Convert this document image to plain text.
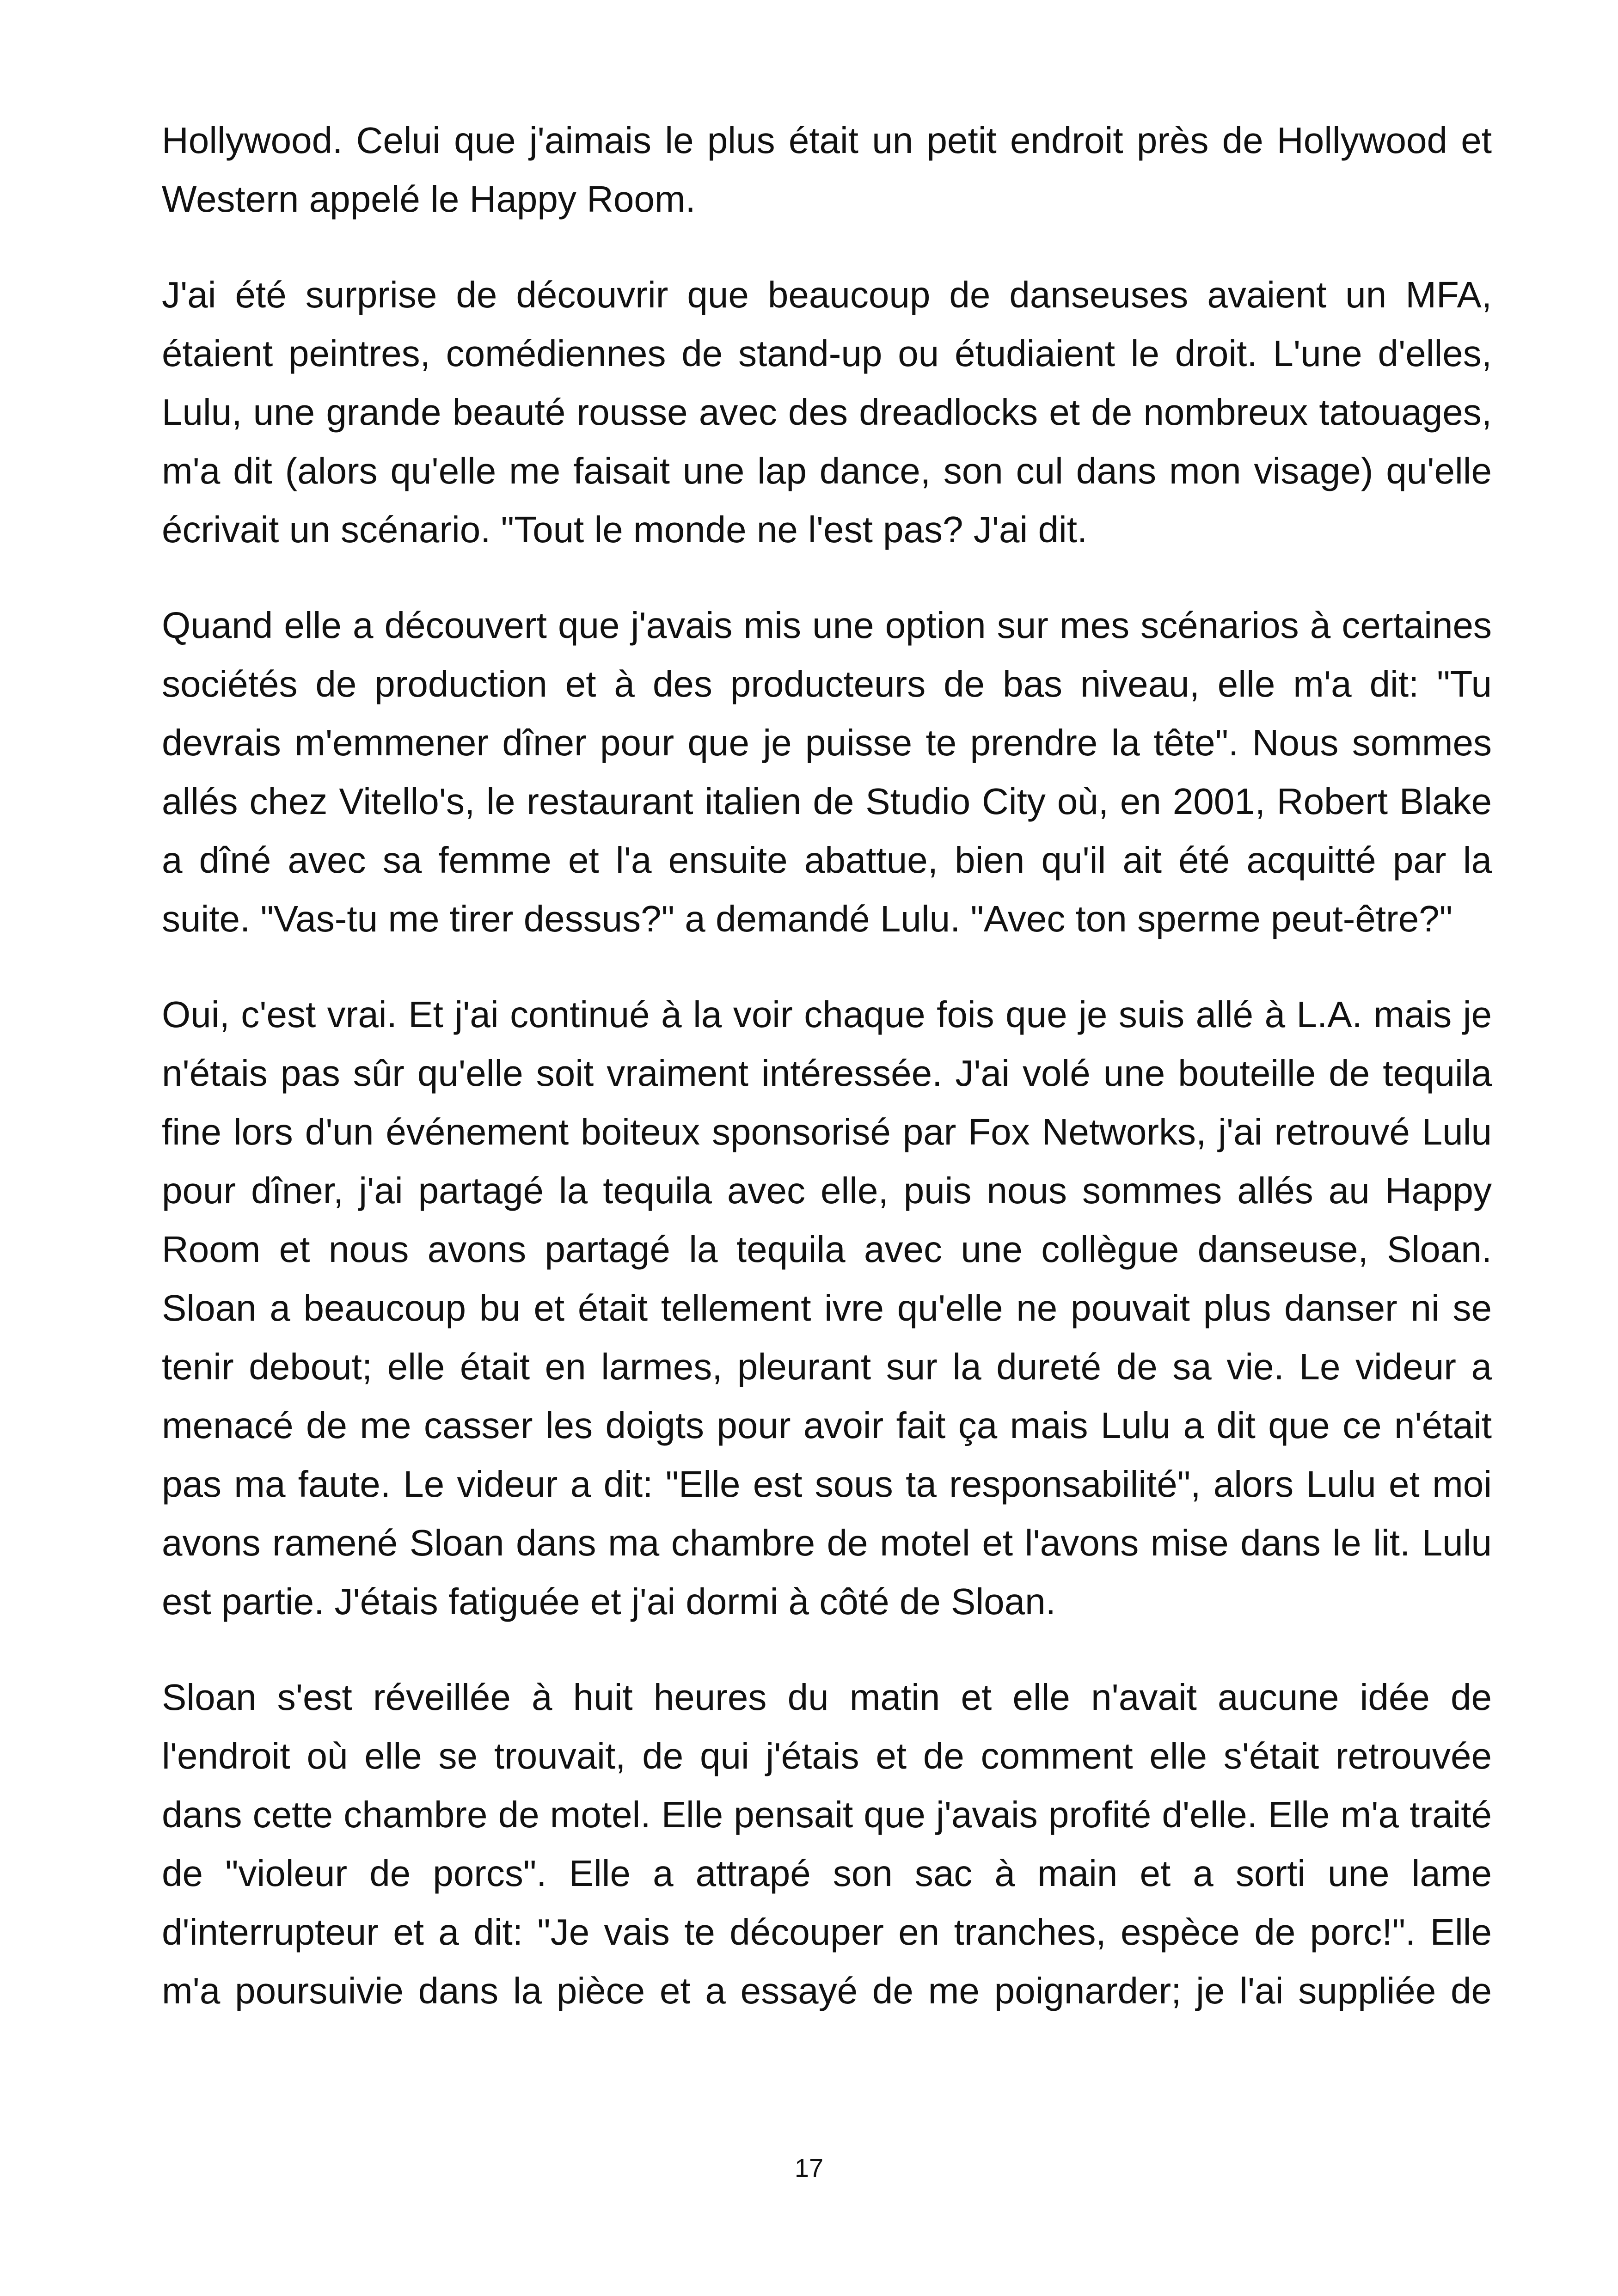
Hollywood. Celui que j'aimais le plus était un petit endroit près de Hollywood et Western appelé le Happy Room.

J'ai été surprise de découvrir que beaucoup de danseuses avaient un MFA, étaient peintres, comédiennes de stand-up ou étudiaient le droit. L'une d'elles, Lulu, une grande beauté rousse avec des dreadlocks et de nombreux tatouages, m'a dit (alors qu'elle me faisait une lap dance, son cul dans mon visage) qu'elle écrivait un scénario. "Tout le monde ne l'est pas? J'ai dit.

Quand elle a découvert que j'avais mis une option sur mes scénarios à certaines sociétés de production et à des producteurs de bas niveau, elle m'a dit: "Tu devrais m'emmener dîner pour que je puisse te prendre la tête". Nous sommes allés chez Vitello's, le restaurant italien de Studio City où, en 2001, Robert Blake a dîné avec sa femme et l'a ensuite abattue, bien qu'il ait été acquitté par la suite. "Vas-tu me tirer dessus?" a demandé Lulu. "Avec ton sperme peut-être?"

Oui, c'est vrai. Et j'ai continué à la voir chaque fois que je suis allé à L.A. mais je n'étais pas sûr qu'elle soit vraiment intéressée. J'ai volé une bouteille de tequila fine lors d'un événement boiteux sponsorisé par Fox Networks, j'ai retrouvé Lulu pour dîner, j'ai partagé la tequila avec elle, puis nous sommes allés au Happy Room et nous avons partagé la tequila avec une collègue danseuse, Sloan. Sloan a beaucoup bu et était tellement ivre qu'elle ne pouvait plus danser ni se tenir debout; elle était en larmes, pleurant sur la dureté de sa vie. Le videur a menacé de me casser les doigts pour avoir fait ça mais Lulu a dit que ce n'était pas ma faute. Le videur a dit: "Elle est sous ta responsabilité", alors Lulu et moi avons ramené Sloan dans ma chambre de motel et l'avons mise dans le lit. Lulu est partie. J'étais fatiguée et j'ai dormi à côté de Sloan.

Sloan s'est réveillée à huit heures du matin et elle n'avait aucune idée de l'endroit où elle se trouvait, de qui j'étais et de comment elle s'était retrouvée dans cette chambre de motel. Elle pensait que j'avais profité d'elle. Elle m'a traité de "violeur de porcs". Elle a attrapé son sac à main et a sorti une lame d'interrupteur et a dit: "Je vais te découper en tranches, espèce de porc!". Elle m'a poursuivie dans la pièce et a essayé de me poignarder; je l'ai suppliée de

17
